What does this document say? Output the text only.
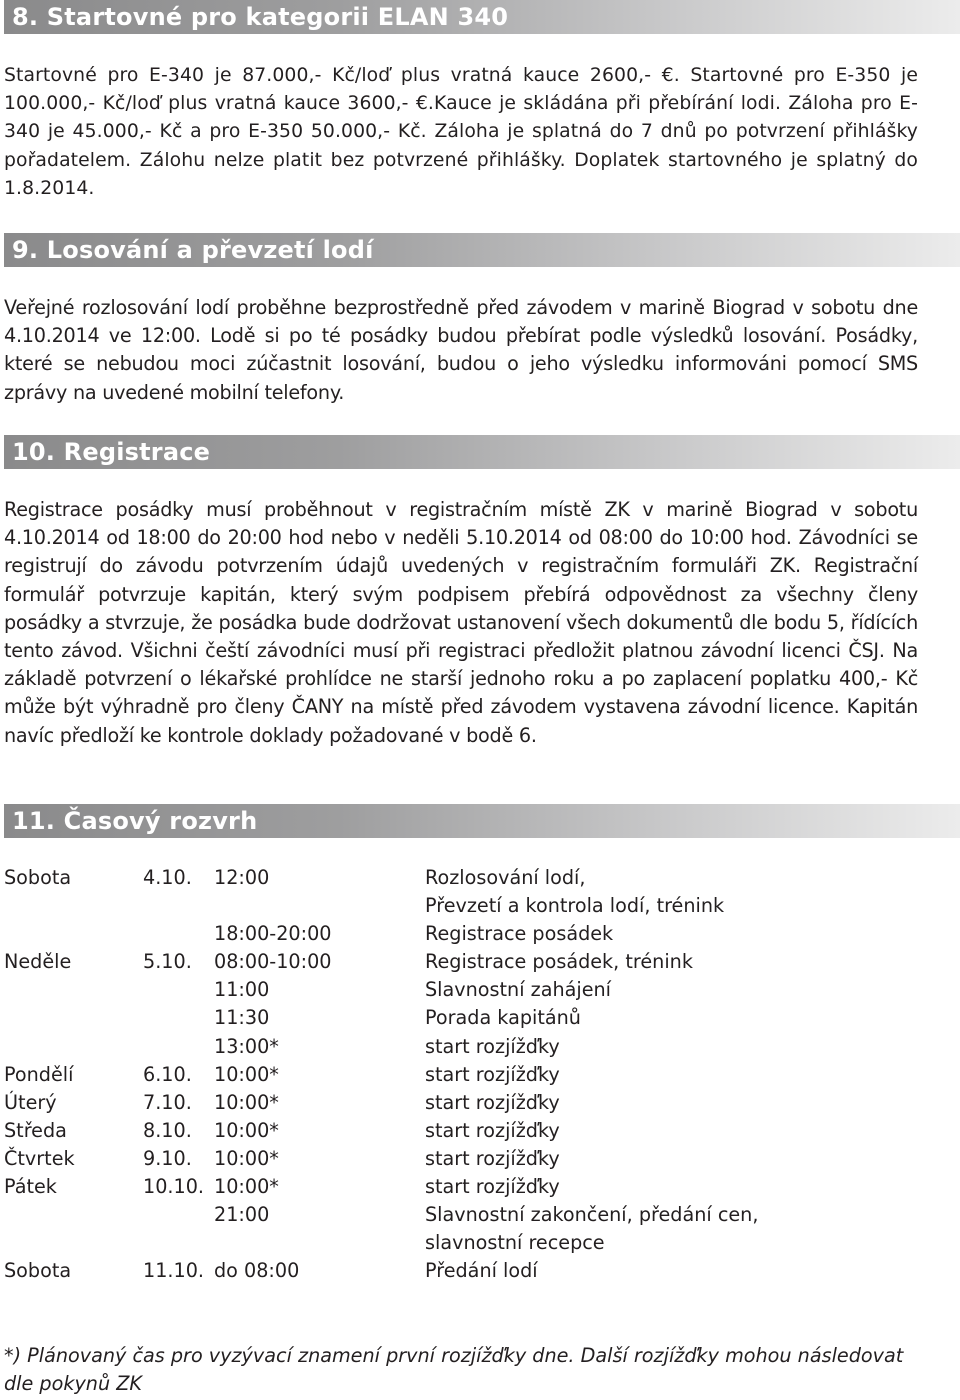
8. Startovné pro kategorii ELAN 340

Startovné pro E-340 je 87.000,- Kč/loď plus vratná kauce 2600,- €. Startovné pro E-350 je 100.000,- Kč/loď plus vratná kauce 3600,- €.Kauce je skládána při přebírání lodi. Záloha pro E-340 je 45.000,- Kč a pro E-350 50.000,- Kč. Záloha je splatná do 7 dnů po potvrzení přihlášky pořadatelem. Zálohu nelze platit bez potvrzené přihlášky. Doplatek startovného je splatný do 1.8.2014.

9. Losování a převzetí lodí

Veřejné rozlosování lodí proběhne bezprostředně před závodem v marině Biograd v sobotu dne 4.10.2014 ve 12:00. Lodě si po té posádky budou přebírat podle výsledků losování. Posádky, které se nebudou moci zúčastnit losování, budou o jeho výsledku informováni pomocí SMS zprávy na uvedené mobilní telefony.

10. Registrace

Registrace posádky musí proběhnout v registračním místě ZK v marině Biograd v sobotu 4.10.2014 od 18:00 do 20:00 hod nebo v neděli 5.10.2014 od 08:00 do 10:00 hod. Závodníci se registrují do závodu potvrzením údajů uvedených v registračním formuláři ZK. Registrační formulář potvrzuje kapitán, který svým podpisem přebírá odpovědnost za všechny členy posádky a stvrzuje, že posádka bude dodržovat ustanovení všech dokumentů dle bodu 5, řídících tento závod. Všichni čeští závodníci musí při registraci předložit platnou závodní licenci ČSJ. Na základě potvrzení o lékařské prohlídce ne starší jednoho roku a po zaplacení poplatku 400,- Kč může být výhradně pro členy ČANY na místě před závodem vystavena závodní licence. Kapitán navíc předloží ke kontrole doklady požadované v bodě 6.

11. Časový rozvrh
Sobota	4.10. 12:00	Rozlosování lodí,
Převzetí a kontrola lodí, trénink
18:00-20:00	Registrace posádek
Neděle	5.10. 08:00-10:00	Registrace posádek, trénink
11:00	Slavnostní zahájení
11:30	Porada kapitánů
13:00*	start rozjížďky
Pondělí	6.10. 10:00*	start rozjížďky
Úterý	7.10. 10:00*	start rozjížďky
Středa	8.10. 10:00*	start rozjížďky
Čtvrtek	9.10. 10:00*	start rozjížďky
Pátek	10.10. 10:00*	start rozjížďky
21:00	Slavnostní zakončení, předání cen,
slavnostní recepce
Sobota	11.10. do 08:00	Předání lodí

*) Plánovaný čas pro vyzývací znamení první rozjížďky dne. Další rozjížďky mohou následovat dle pokynů ZK
